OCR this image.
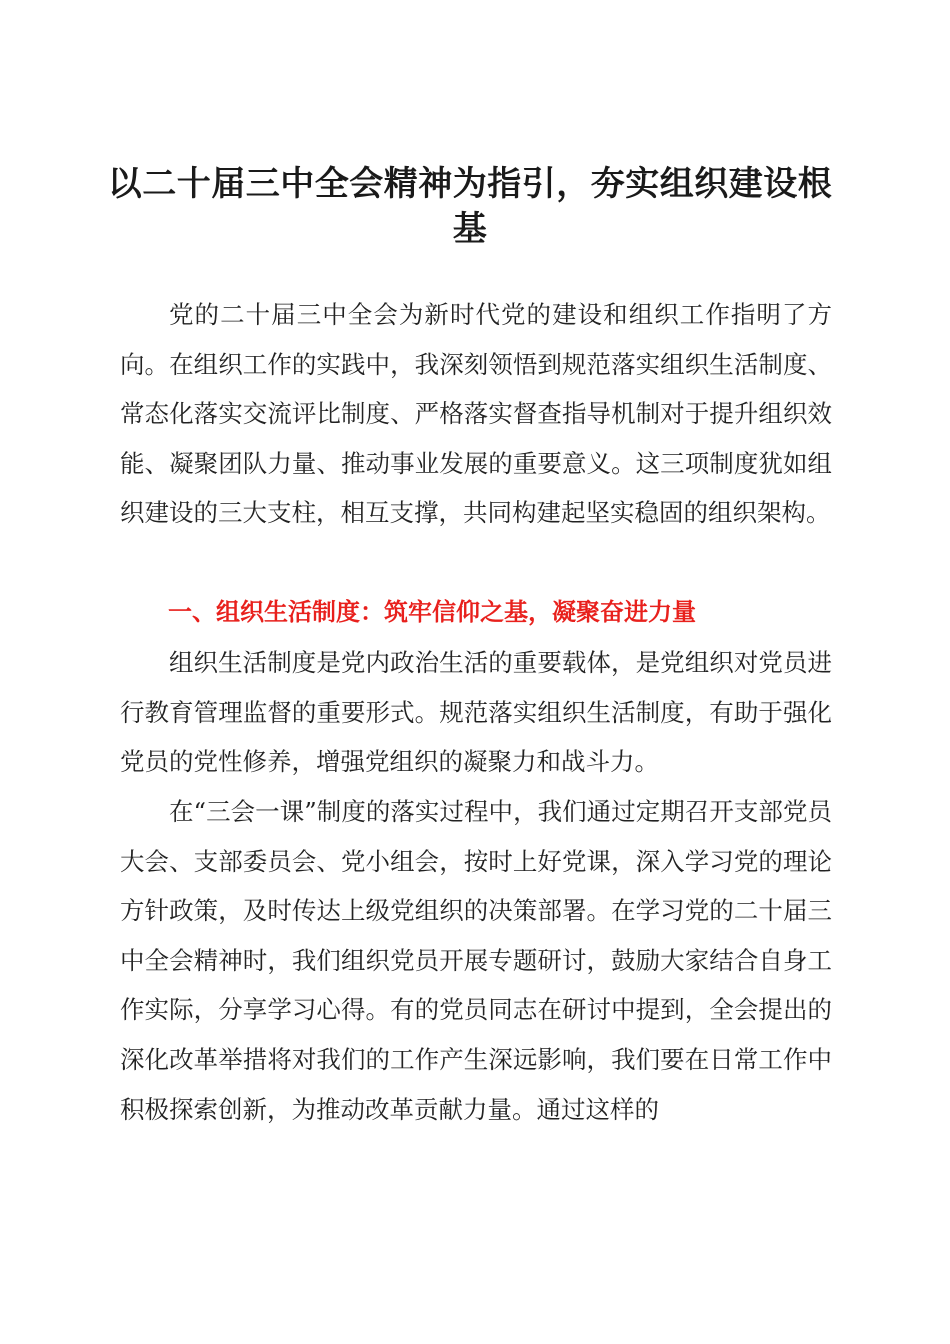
以二十届三中全会精神为指引，夯实组织建设根基
党的二十届三中全会为新时代党的建设和组织工作指明了方向。在组织工作的实践中，我深刻领悟到规范落实组织生活制度、常态化落实交流评比制度、严格落实督查指导机制对于提升组织效能、凝聚团队力量、推动事业发展的重要意义。这三项制度犹如组织建设的三大支柱，相互支撑，共同构建起坚实稳固的组织架构。
一、组织生活制度：筑牢信仰之基，凝聚奋进力量
组织生活制度是党内政治生活的重要载体，是党组织对党员进行教育管理监督的重要形式。规范落实组织生活制度，有助于强化党员的党性修养，增强党组织的凝聚力和战斗力。
在“三会一课”制度的落实过程中，我们通过定期召开支部党员大会、支部委员会、党小组会，按时上好党课，深入学习党的理论方针政策，及时传达上级党组织的决策部署。在学习党的二十届三中全会精神时，我们组织党员开展专题研讨，鼓励大家结合自身工作实际，分享学习心得。有的党员同志在研讨中提到，全会提出的深化改革举措将对我们的工作产生深远影响，我们要在日常工作中积极探索创新，为推动改革贡献力量。通过这样的
